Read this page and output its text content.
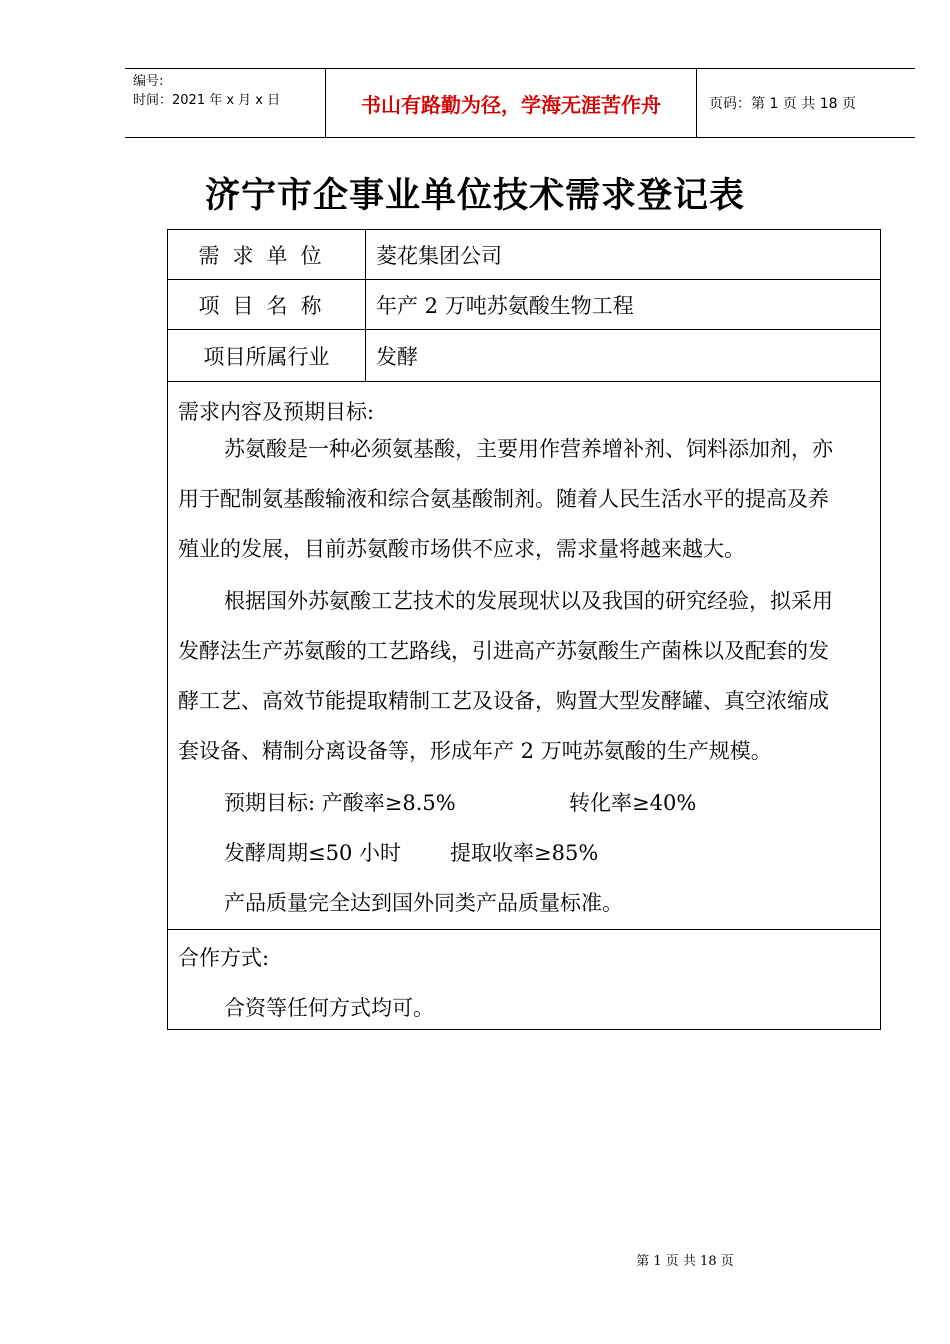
编号:
时间：2021 年 x 月 x 日	书山有路勤为径，学海无涯苦作舟	页码：第 1 页 共 18 页
济宁市企事业单位技术需求登记表
需求单位	菱花集团公司
项目名称	年产 2 万吨苏氨酸生物工程
项目所属行业	发酵
需求内容及预期目标:
苏氨酸是一种必须氨基酸，主要用作营养增补剂、饲料添加剂，亦
用于配制氨基酸输液和综合氨基酸制剂。随着人民生活水平的提高及养
殖业的发展，目前苏氨酸市场供不应求，需求量将越来越大。
根据国外苏氨酸工艺技术的发展现状以及我国的研究经验，拟采用
发酵法生产苏氨酸的工艺路线，引进高产苏氨酸生产菌株以及配套的发
酵工艺、高效节能提取精制工艺及设备，购置大型发酵罐、真空浓缩成
套设备、精制分离设备等，形成年产 2 万吨苏氨酸的生产规模。
预期目标: 产酸率≥8.5%	转化率≥40%
发酵周期≤50 小时 提取收率≥85%
产品质量完全达到国外同类产品质量标准。
合作方式:
合资等任何方式均可。
第 1 页 共 18 页
